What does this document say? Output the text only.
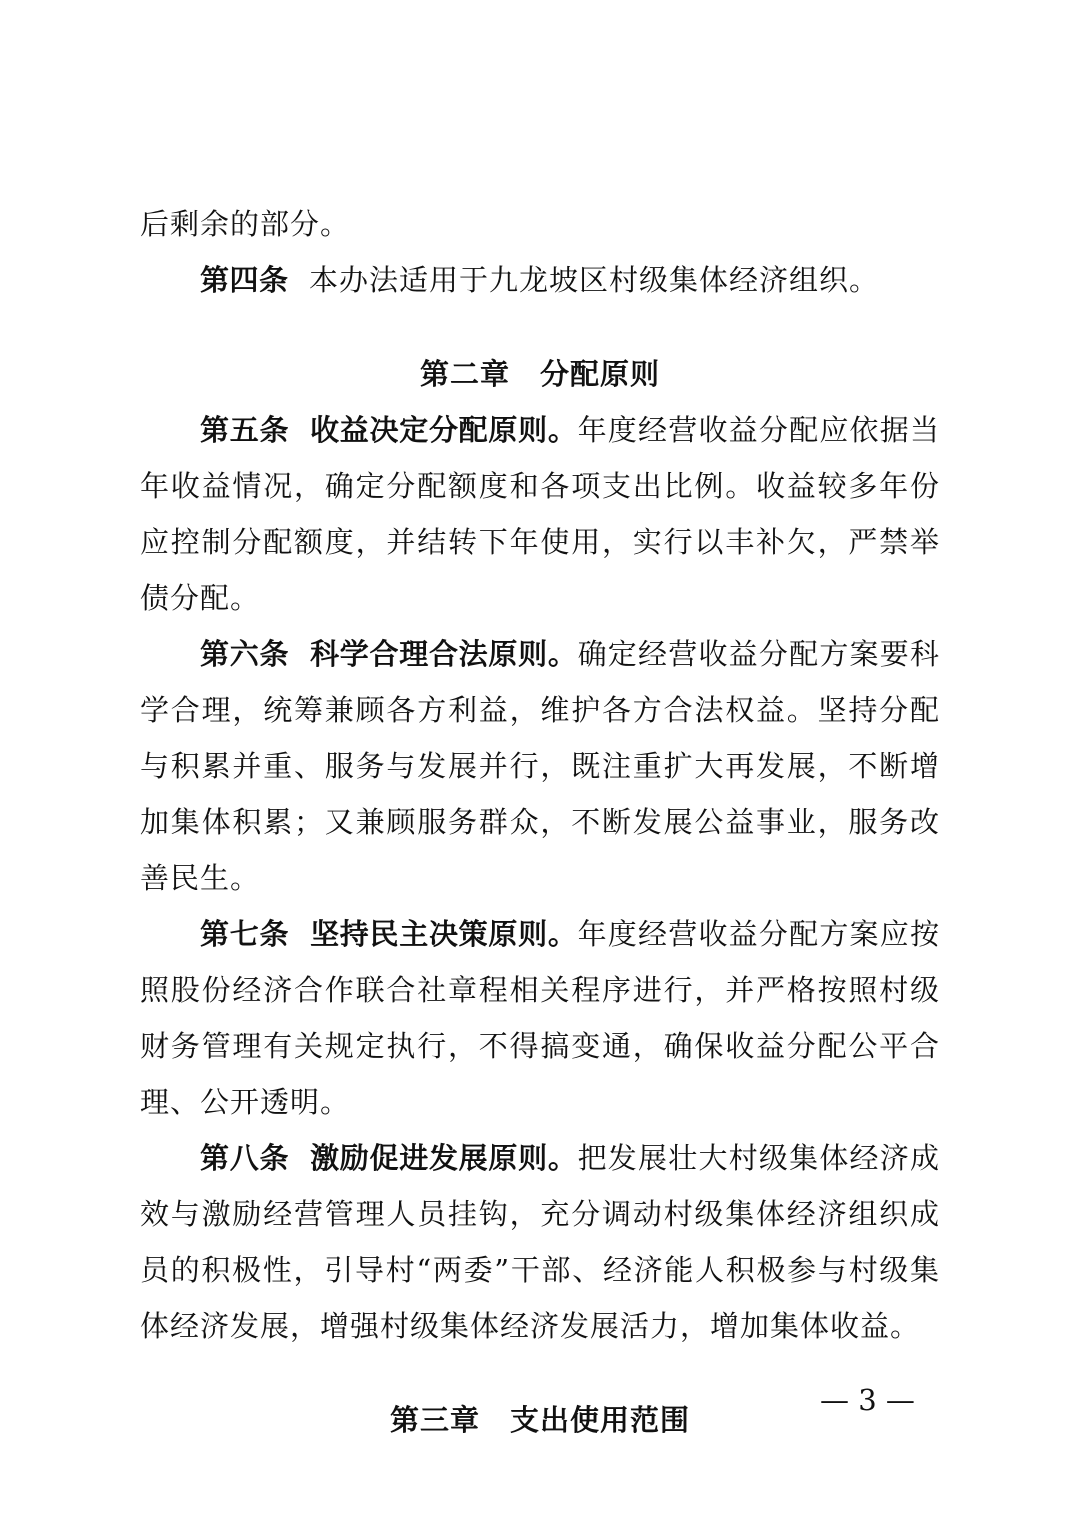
后剩余的部分。

第四条 本办法适用于九龙坡区村级集体经济组织。

第二章 分配原则

第五条 收益决定分配原则。年度经营收益分配应依据当年收益情况，确定分配额度和各项支出比例。收益较多年份应控制分配额度，并结转下年使用，实行以丰补欠，严禁举债分配。

第六条 科学合理合法原则。确定经营收益分配方案要科学合理，统筹兼顾各方利益，维护各方合法权益。坚持分配与积累并重、服务与发展并行，既注重扩大再发展，不断增加集体积累；又兼顾服务群众，不断发展公益事业，服务改善民生。

第七条 坚持民主决策原则。年度经营收益分配方案应按照股份经济合作联合社章程相关程序进行，并严格按照村级财务管理有关规定执行，不得搞变通，确保收益分配公平合理、公开透明。

第八条 激励促进发展原则。把发展壮大村级集体经济成效与激励经营管理人员挂钩，充分调动村级集体经济组织成员的积极性，引导村“两委”干部、经济能人积极参与村级集体经济发展，增强村级集体经济发展活力，增加集体收益。

第三章 支出使用范围

— 3 —
